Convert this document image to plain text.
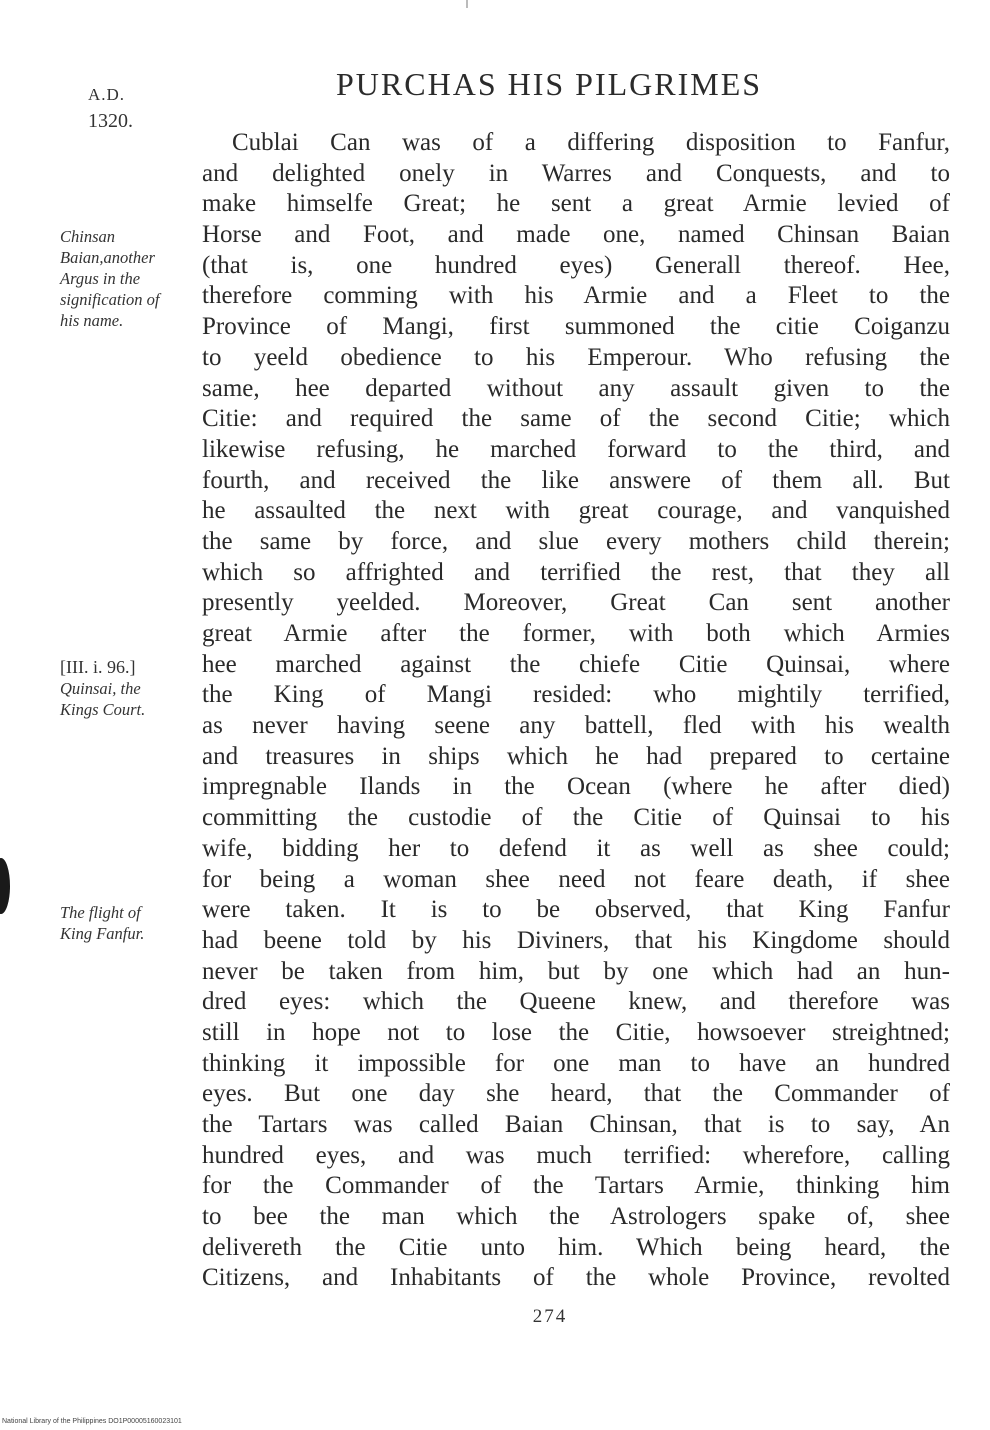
A.D.
1320.
PURCHAS HIS PILGRIMES
Chinsan
Baian,another
Argus in the
signification of
his name.
[III. i. 96.]
Quinsai, the
Kings Court.
The flight of
King Fanfur.
Cublai Can was of a differing disposition to Fanfur,
and delighted onely in Warres and Conquests, and to
make himselfe Great; he sent a great Armie levied of
Horse and Foot, and made one, named Chinsan Baian
(that is, one hundred eyes) Generall thereof. Hee,
therefore comming with his Armie and a Fleet to the
Province of Mangi, first summoned the citie Coiganzu
to yeeld obedience to his Emperour. Who refusing the
same, hee departed without any assault given to the
Citie: and required the same of the second Citie; which
likewise refusing, he marched forward to the third, and
fourth, and received the like answere of them all. But
he assaulted the next with great courage, and vanquished
the same by force, and slue every mothers child therein;
which so affrighted and terrified the rest, that they all
presently yeelded. Moreover, Great Can sent another
great Armie after the former, with both which Armies
hee marched against the chiefe Citie Quinsai, where
the King of Mangi resided: who mightily terrified,
as never having seene any battell, fled with his wealth
and treasures in ships which he had prepared to certaine
impregnable Ilands in the Ocean (where he after died)
committing the custodie of the Citie of Quinsai to his
wife, bidding her to defend it as well as shee could;
for being a woman shee need not feare death, if shee
were taken. It is to be observed, that King Fanfur
had beene told by his Diviners, that his Kingdome should
never be taken from him, but by one which had an hun-
dred eyes: which the Queene knew, and therefore was
still in hope not to lose the Citie, howsoever streightned;
thinking it impossible for one man to have an hundred
eyes. But one day she heard, that the Commander of
the Tartars was called Baian Chinsan, that is to say, An
hundred eyes, and was much terrified: wherefore, calling
for the Commander of the Tartars Armie, thinking him
to bee the man which the Astrologers spake of, shee
delivereth the Citie unto him. Which being heard, the
Citizens, and Inhabitants of the whole Province, revolted
274
National Library of the Philippines DO1P00005160023101
